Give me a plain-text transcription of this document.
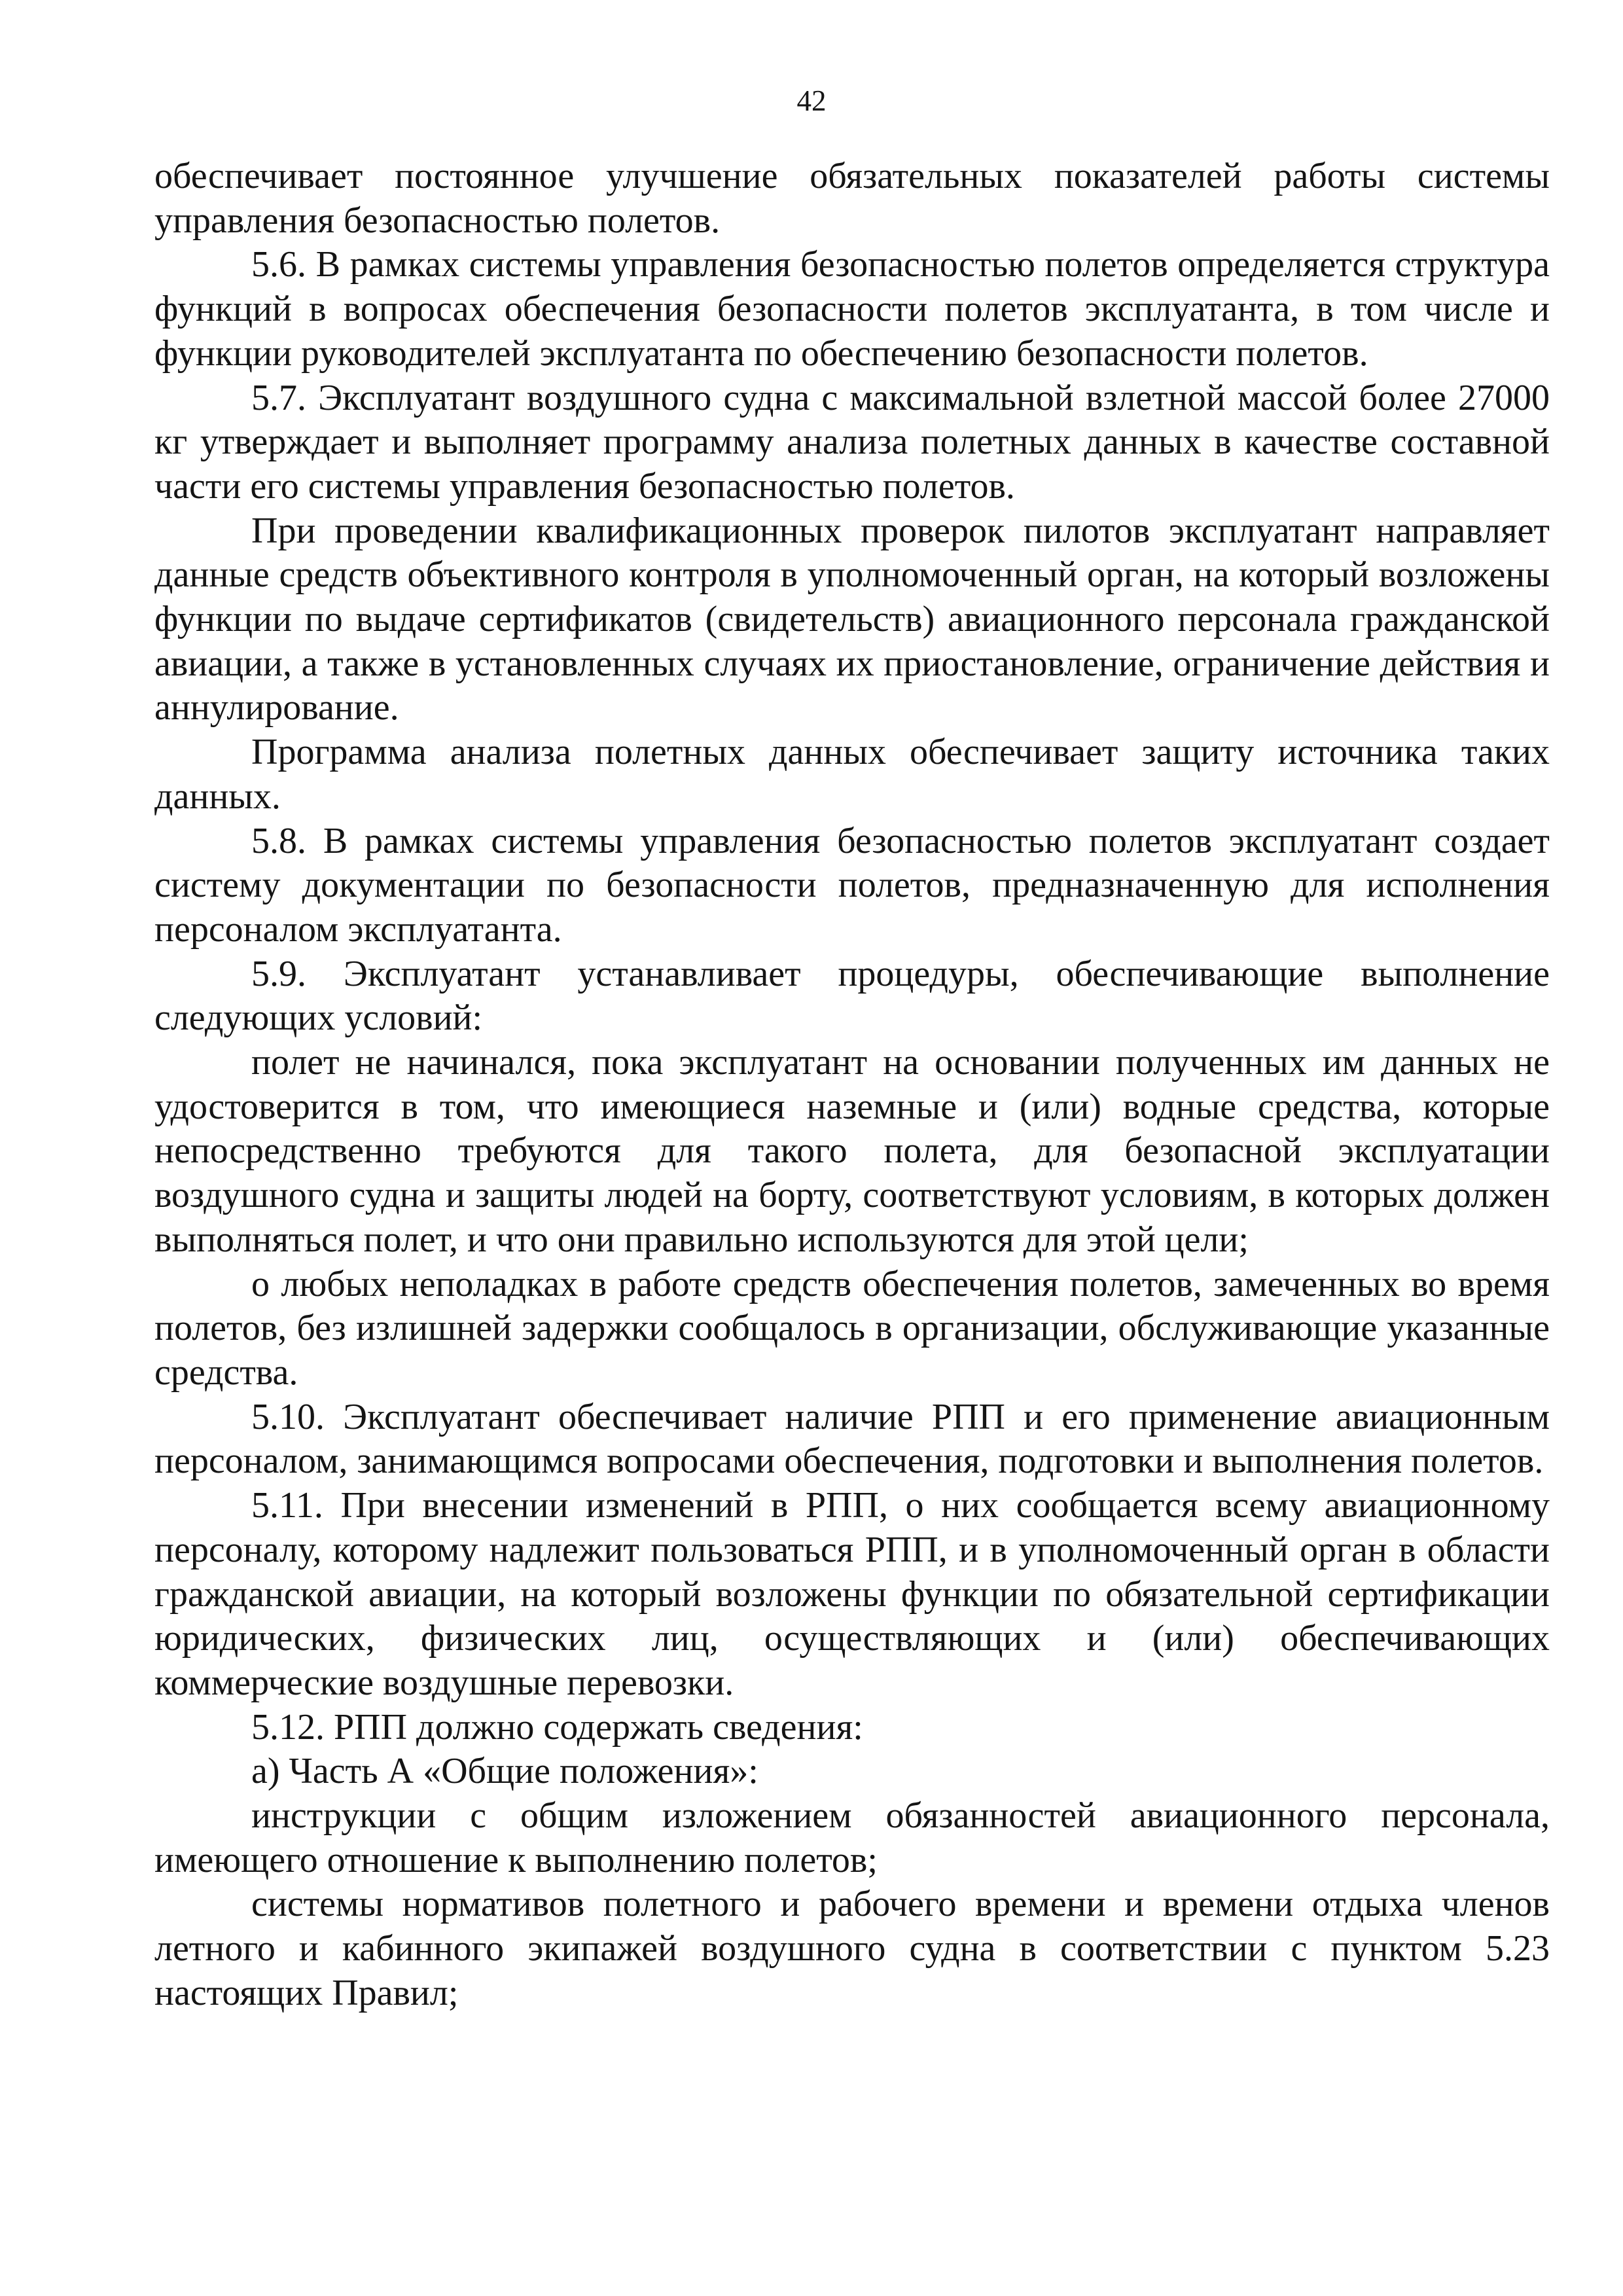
42

обеспечивает постоянное улучшение обязательных показателей работы системы управления безопасностью полетов.

5.6. В рамках системы управления безопасностью полетов определяется структура функций в вопросах обеспечения безопасности полетов эксплуатанта, в том числе и функции руководителей эксплуатанта по обеспечению безопасности полетов.

5.7. Эксплуатант воздушного судна с максимальной взлетной массой более 27000 кг утверждает и выполняет программу анализа полетных данных в качестве составной части его системы управления безопасностью полетов.

При проведении квалификационных проверок пилотов эксплуатант направляет данные средств объективного контроля в уполномоченный орган, на который возложены функции по выдаче сертификатов (свидетельств) авиационного персонала гражданской авиации, а также в установленных случаях их приостановление, ограничение действия и аннулирование.

Программа анализа полетных данных обеспечивает защиту источника таких данных.

5.8. В рамках системы управления безопасностью полетов эксплуатант создает систему документации по безопасности полетов, предназначенную для исполнения персоналом эксплуатанта.

5.9. Эксплуатант устанавливает процедуры, обеспечивающие выполнение следующих условий:

полет не начинался, пока эксплуатант на основании полученных им данных не удостоверится в том, что имеющиеся наземные и (или) водные средства, которые непосредственно требуются для такого полета, для безопасной эксплуатации воздушного судна и защиты людей на борту, соответствуют условиям, в которых должен выполняться полет, и что они правильно используются для этой цели;

о любых неполадках в работе средств обеспечения полетов, замеченных во время полетов, без излишней задержки сообщалось в организации, обслуживающие указанные средства.

5.10. Эксплуатант обеспечивает наличие РПП и его применение авиационным персоналом, занимающимся вопросами обеспечения, подготовки и выполнения полетов.

5.11. При внесении изменений в РПП, о них сообщается всему авиационному персоналу, которому надлежит пользоваться РПП, и в уполномоченный орган в области гражданской авиации, на который возложены функции по обязательной сертификации юридических, физических лиц, осуществляющих и (или) обеспечивающих коммерческие воздушные перевозки.

5.12. РПП должно содержать сведения:

а) Часть А «Общие положения»:

инструкции с общим изложением обязанностей авиационного персонала, имеющего отношение к выполнению полетов;

системы нормативов полетного и рабочего времени и времени отдыха членов летного и кабинного экипажей воздушного судна в соответствии с пунктом 5.23 настоящих Правил;
